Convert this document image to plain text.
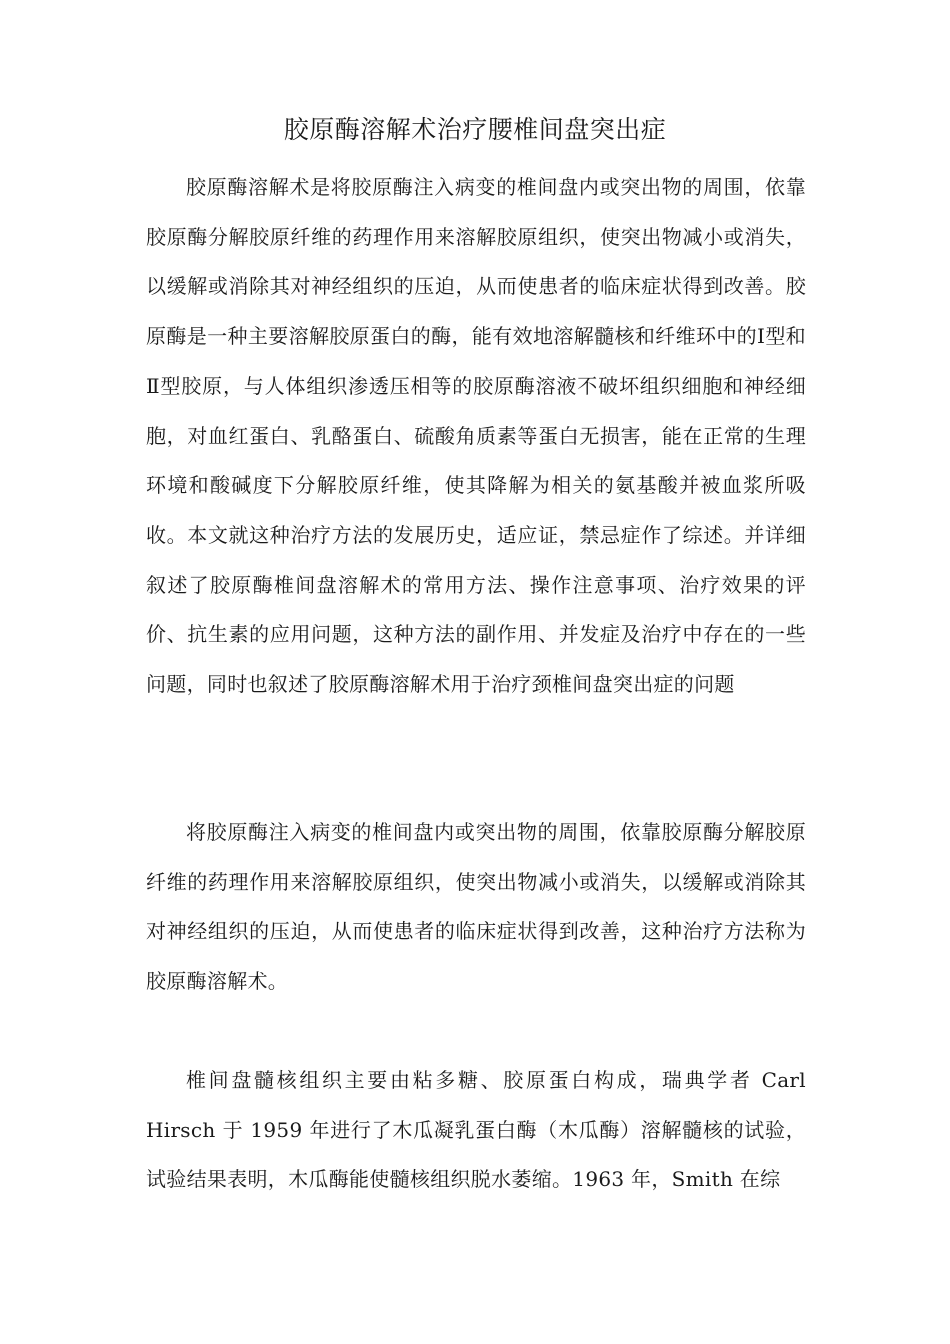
胶原酶溶解术治疗腰椎间盘突出症

胶原酶溶解术是将胶原酶注入病变的椎间盘内或突出物的周围，依靠胶原酶分解胶原纤维的药理作用来溶解胶原组织，使突出物减小或消失，以缓解或消除其对神经组织的压迫，从而使患者的临床症状得到改善。胶原酶是一种主要溶解胶原蛋白的酶，能有效地溶解髓核和纤维环中的Ⅰ型和Ⅱ型胶原，与人体组织渗透压相等的胶原酶溶液不破坏组织细胞和神经细胞，对血红蛋白、乳酪蛋白、硫酸角质素等蛋白无损害，能在正常的生理环境和酸碱度下分解胶原纤维，使其降解为相关的氨基酸并被血浆所吸收。本文就这种治疗方法的发展历史，适应证，禁忌症作了综述。并详细叙述了胶原酶椎间盘溶解术的常用方法、操作注意事项、治疗效果的评价、抗生素的应用问题，这种方法的副作用、并发症及治疗中存在的一些问题，同时也叙述了胶原酶溶解术用于治疗颈椎间盘突出症的问题

将胶原酶注入病变的椎间盘内或突出物的周围，依靠胶原酶分解胶原纤维的药理作用来溶解胶原组织，使突出物减小或消失，以缓解或消除其对神经组织的压迫，从而使患者的临床症状得到改善，这种治疗方法称为胶原酶溶解术。

椎间盘髓核组织主要由粘多糖、胶原蛋白构成，瑞典学者 Carl Hirsch 于 1959 年进行了木瓜凝乳蛋白酶（木瓜酶）溶解髓核的试验，试验结果表明，木瓜酶能使髓核组织脱水萎缩。1963 年，Smith 在综
